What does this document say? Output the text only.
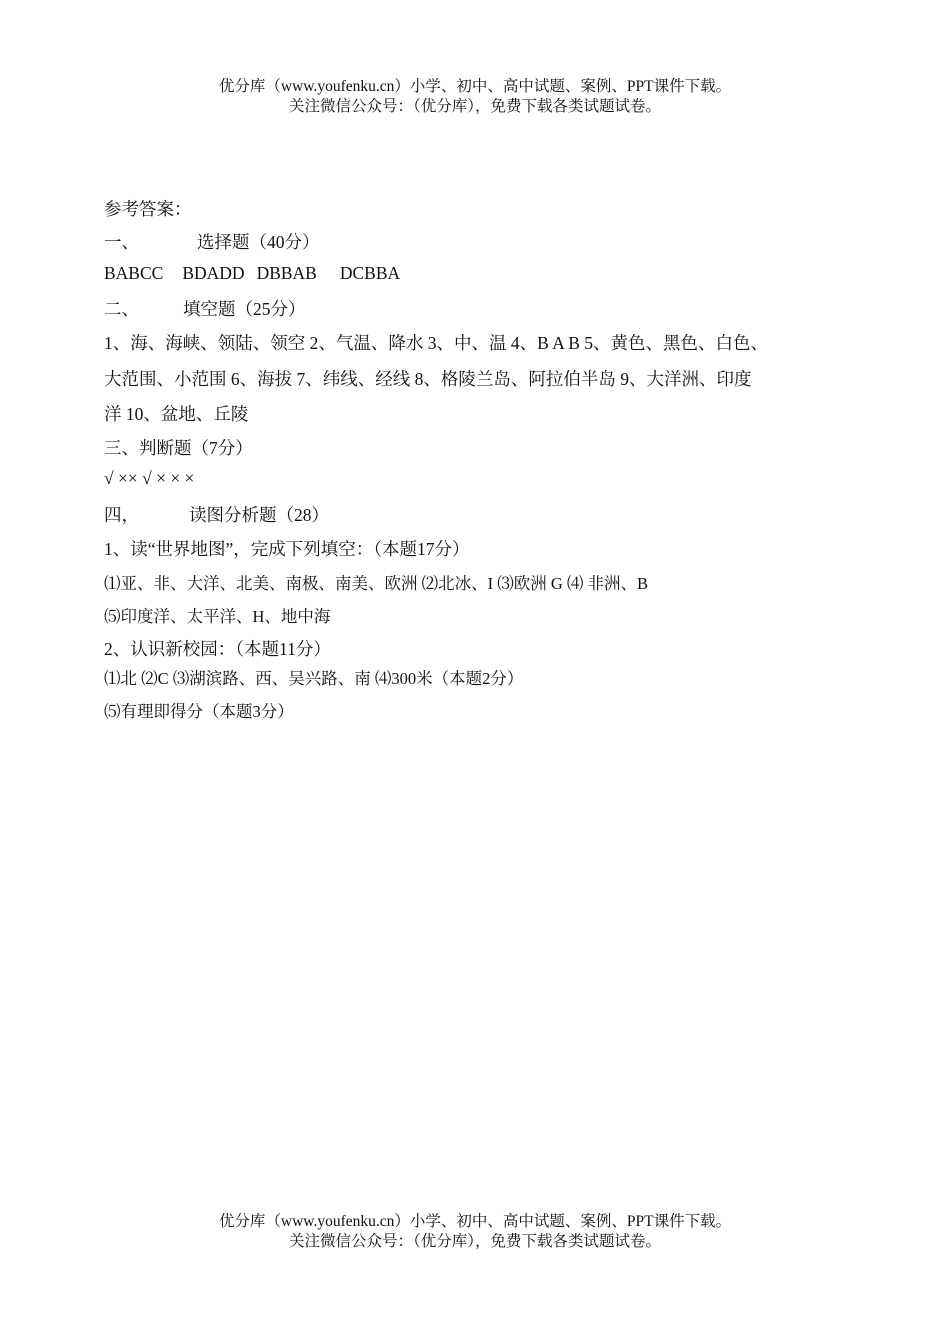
优分库（www.youfenku.cn）小学、初中、高中试题、案例、PPT课件下载。
关注微信公众号：（优分库），免费下载各类试题试卷。
参考答案：
一、	选择题（40分）
BABCC BDADD DBBAB DCBBA
二、	填空题（25分）
1、海、海峡、领陆、领空 2、气温、降水 3、中、温 4、B A B 5、黄色、黑色、白色、
大范围、小范围 6、海拔 7、纬线、经线 8、格陵兰岛、阿拉伯半岛 9、大洋洲、印度
洋 10、盆地、丘陵
三、判断题（7分）
√ ×× √ × × ×
四，	读图分析题（28）
1、读“世界地图”，完成下列填空：（本题17分）
⑴亚、非、大洋、北美、南极、南美、欧洲 ⑵北冰、I ⑶欧洲 G ⑷ 非洲、B
⑸印度洋、太平洋、H、地中海
2、认识新校园：（本题11分）
⑴北 ⑵C ⑶湖滨路、西、吴兴路、南 ⑷300米（本题2分）
⑸有理即得分（本题3分）
优分库（www.youfenku.cn）小学、初中、高中试题、案例、PPT课件下载。
关注微信公众号：（优分库），免费下载各类试题试卷。
